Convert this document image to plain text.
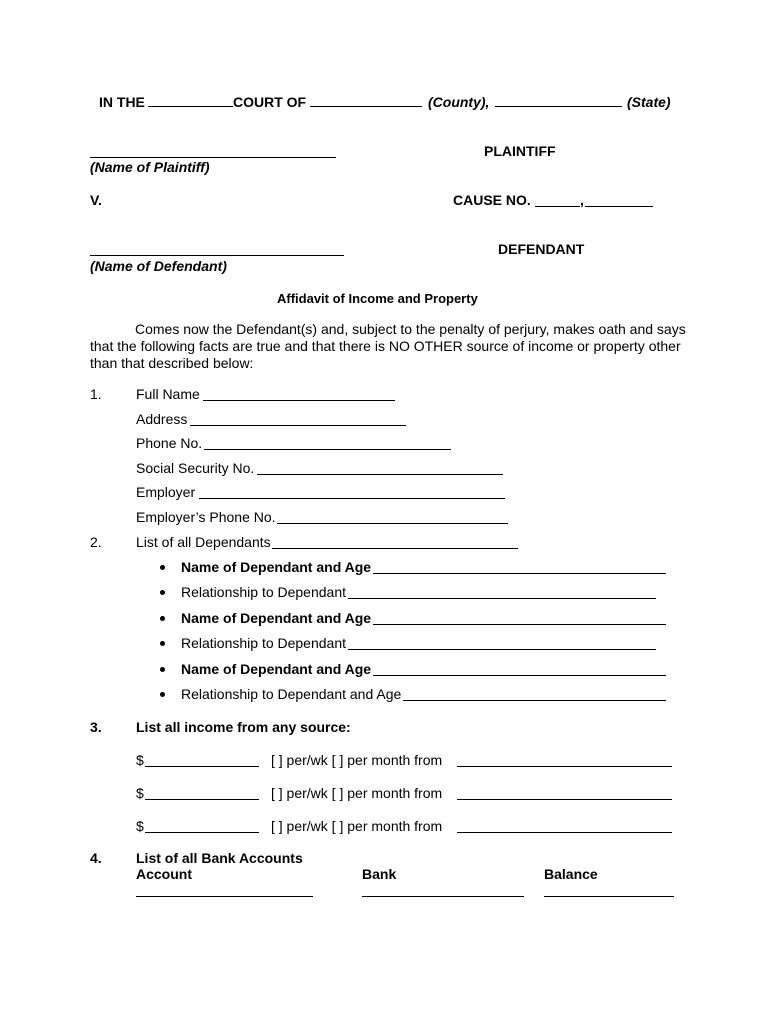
IN THE	COURT OF	(County),	(State)
PLAINTIFF
(Name of Plaintiff)
V.	CAUSE NO.	,
DEFENDANT
(Name of Defendant)
Affidavit of Income and Property
Comes now the Defendant(s) and, subject to the penalty of perjury, makes oath and says that the following facts are true and that there is NO OTHER source of income or property other than that described below:
1. Full Name
Address
Phone No.
Social Security No.
Employer
Employer’s Phone No.
2. List of all Dependants
Name of Dependant and Age
Relationship to Dependant
Name of Dependant and Age
Relationship to Dependant
Name of Dependant and Age
Relationship to Dependant and Age
3. List all income from any source:
$	[ ] per/wk [ ] per month from
$	[ ] per/wk [ ] per month from
$	[ ] per/wk [ ] per month from
4. List of all Bank Accounts
Account	Bank	Balance
